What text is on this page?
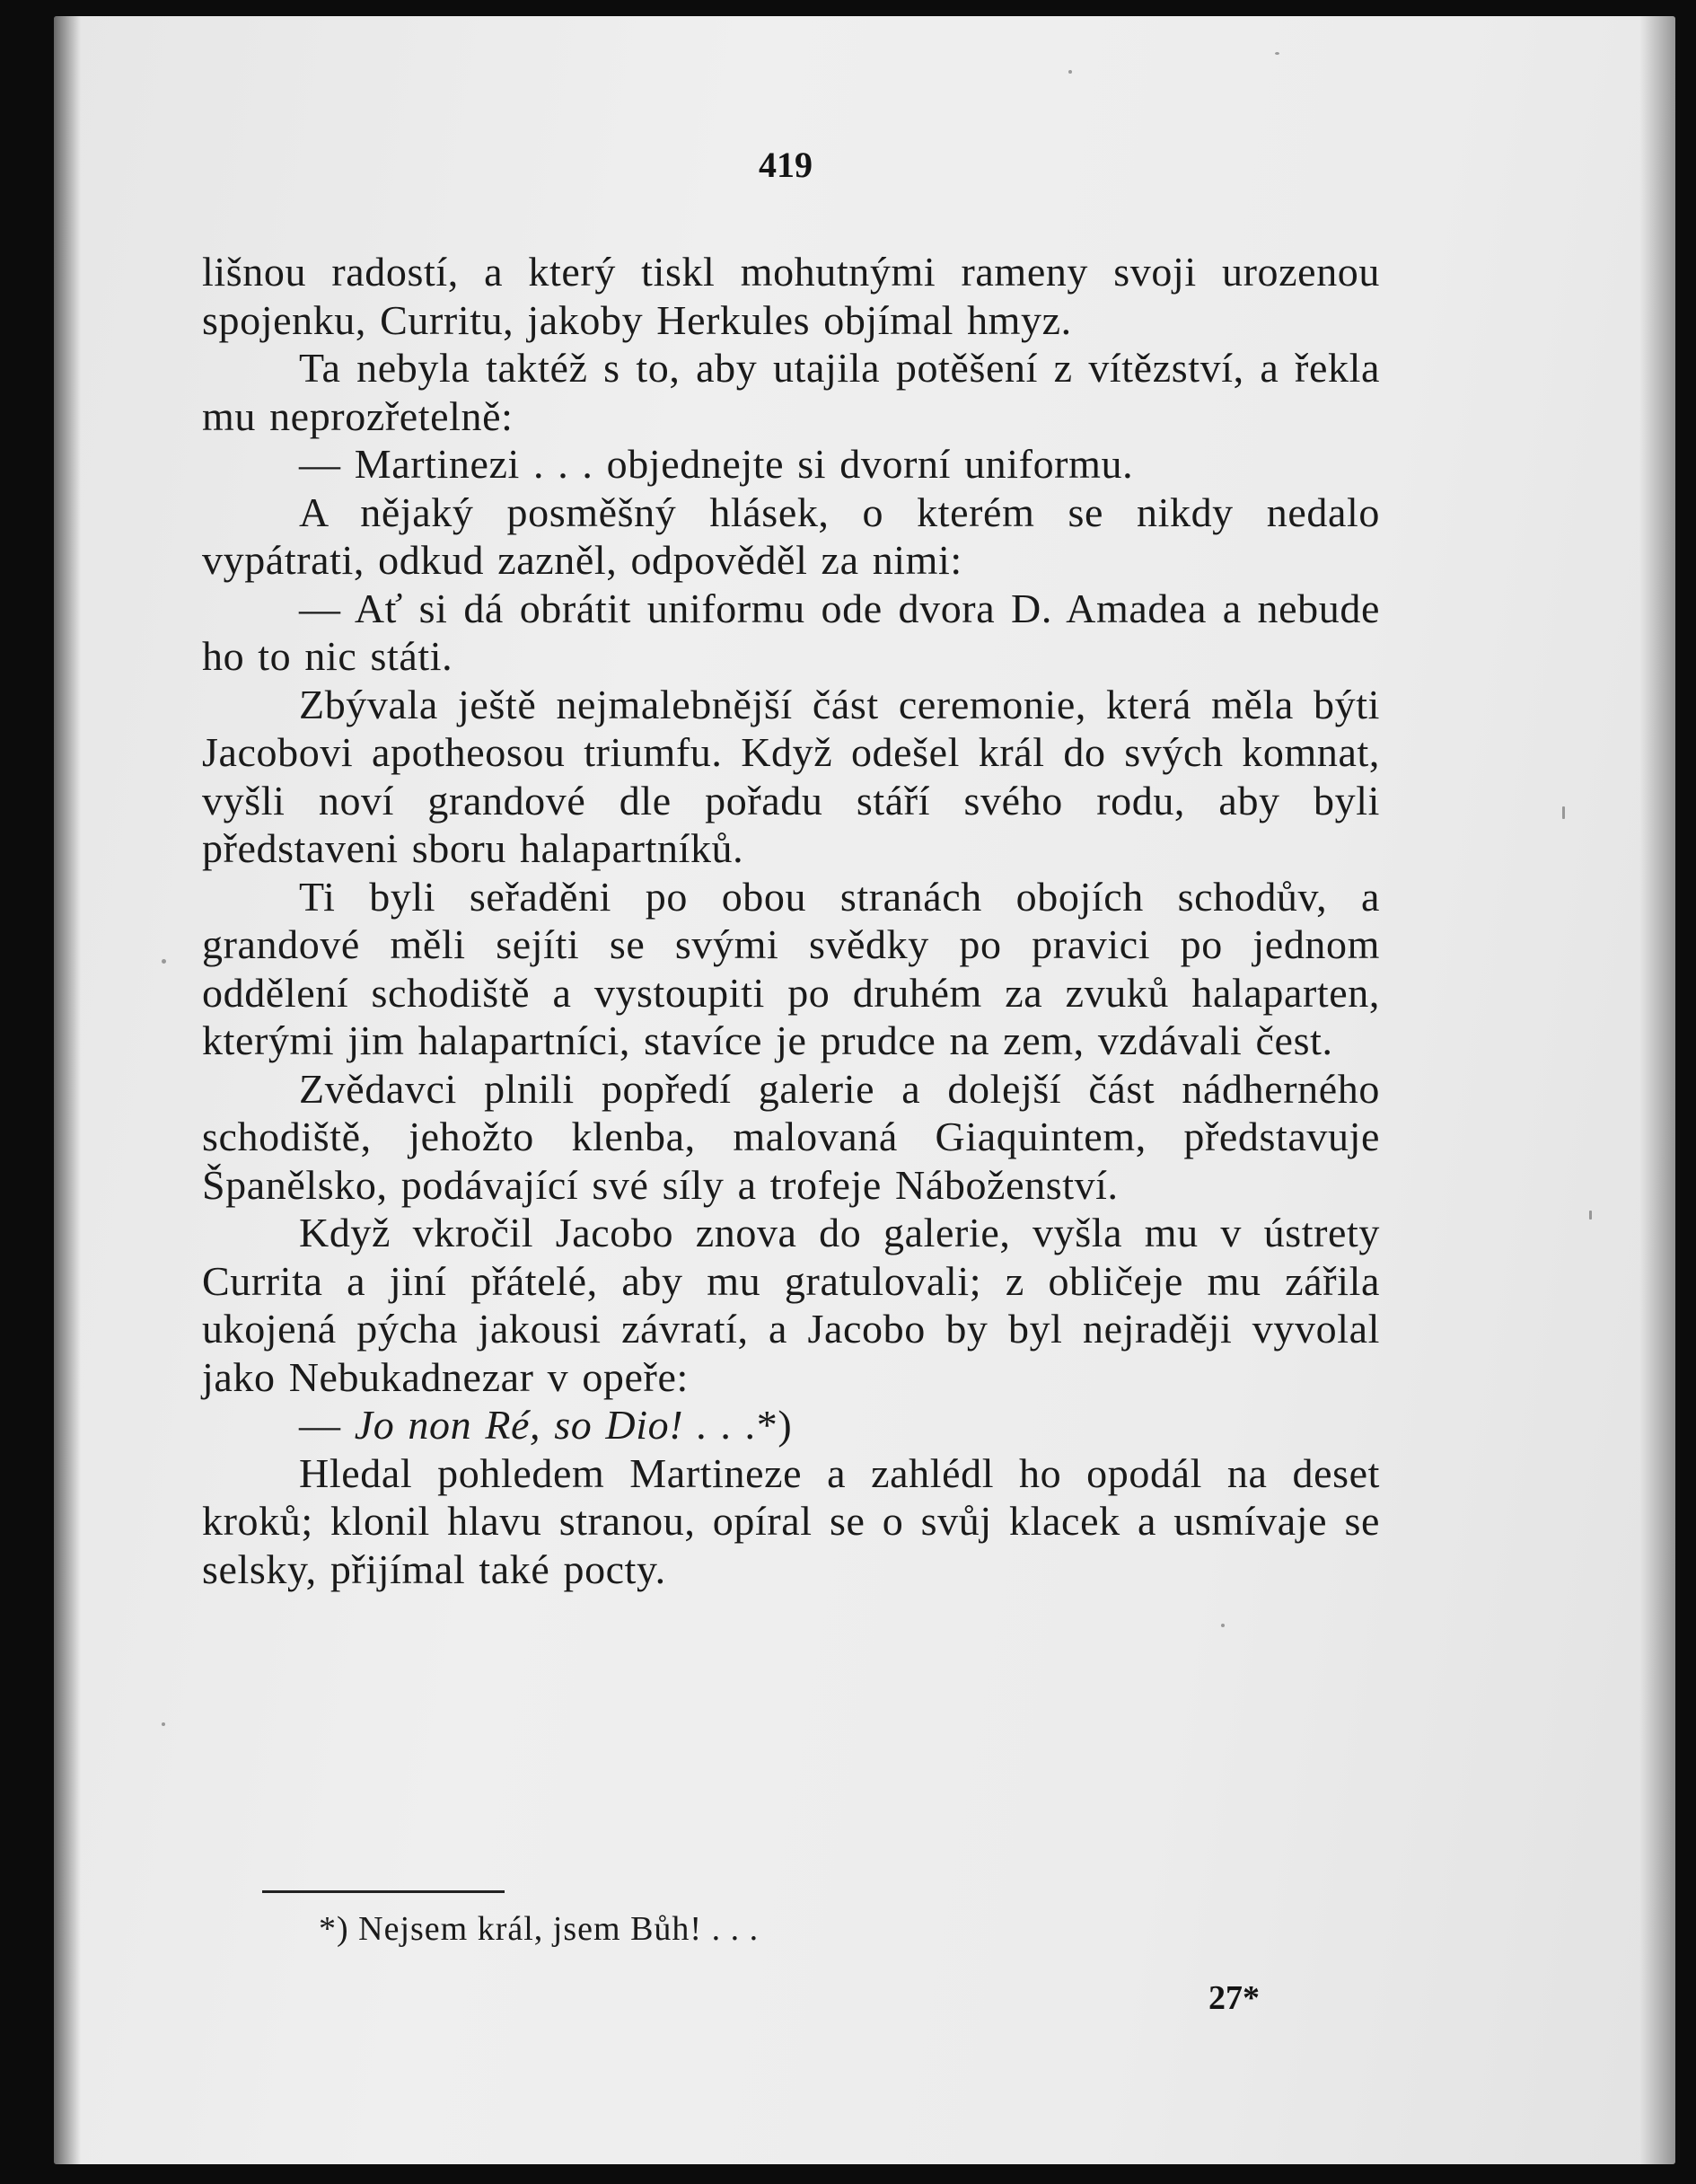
419

lišnou radostí, a který tiskl mohutnými rameny svoji urozenou spojenku, Curritu, jakoby Herkules objímal hmyz.

Ta nebyla taktéž s to, aby utajila potěšení z vítězství, a řekla mu neprozřetelně:

— Martinezi . . . objednejte si dvorní uniformu.

A nějaký posměšný hlásek, o kterém se nikdy nedalo vypátrati, odkud zazněl, odpověděl za nimi:

— Ať si dá obrátit uniformu ode dvora D. Amadea a nebude ho to nic státi.

Zbývala ještě nejmalebnější část ceremonie, která měla býti Jacobovi apotheosou triumfu. Když odešel král do svých komnat, vyšli noví grandové dle pořadu stáří svého rodu, aby byli představeni sboru halapartníků.

Ti byli seřaděni po obou stranách obojích schodův, a grandové měli sejíti se svými svědky po pravici po jednom oddělení schodiště a vystoupiti po druhém za zvuků halaparten, kterými jim halapartníci, stavíce je prudce na zem, vzdávali čest.

Zvědavci plnili popředí galerie a dolejší část nádherného schodiště, jehožto klenba, malovaná Giaquintem, představuje Španělsko, podávající své síly a trofeje Náboženství.

Když vkročil Jacobo znova do galerie, vyšla mu v ústrety Currita a jiní přátelé, aby mu gratulovali; z obličeje mu zářila ukojená pýcha jakousi závratí, a Jacobo by byl nejraději vyvolal jako Nebukadnezar v opeře:

— Jo non Ré, so Dio! . . .*)

Hledal pohledem Martineze a zahlédl ho opodál na deset kroků; klonil hlavu stranou, opíral se o svůj klacek a usmívaje se selsky, přijímal také pocty.

*) Nejsem král, jsem Bůh! . . .
27*
